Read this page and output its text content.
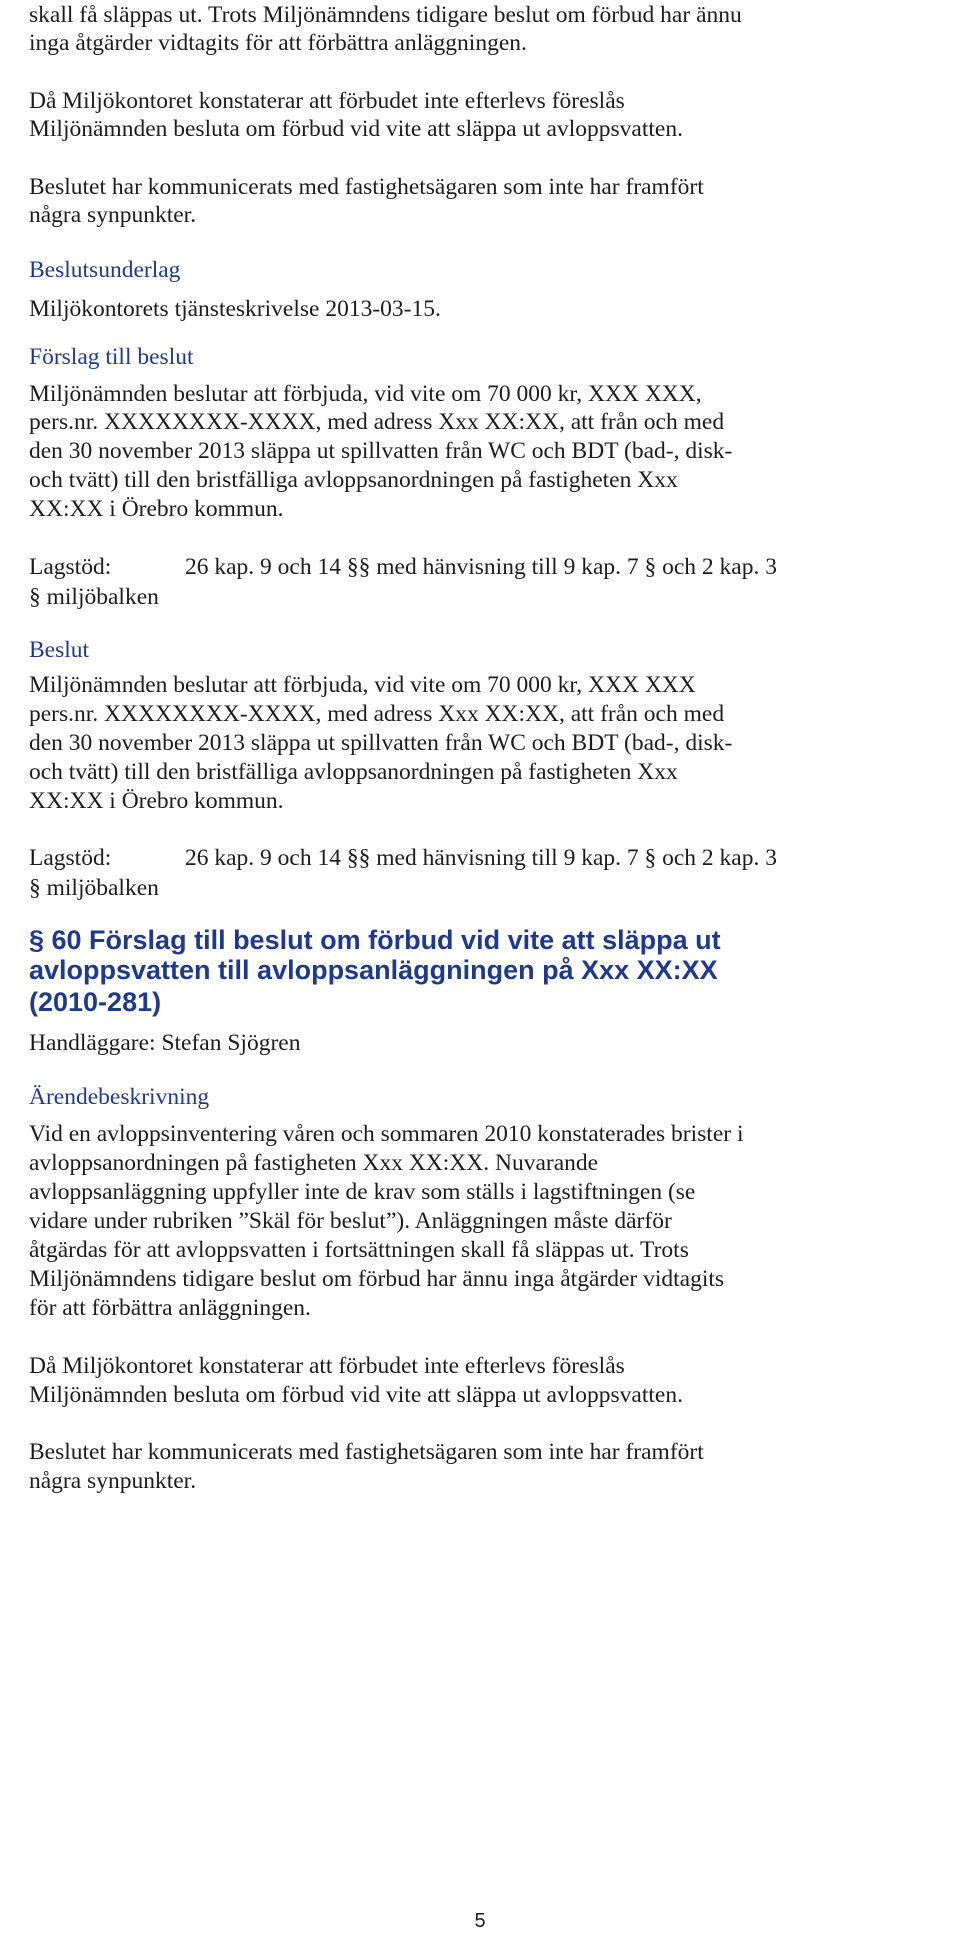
skall få släppas ut. Trots Miljönämndens tidigare beslut om förbud har ännu
inga åtgärder vidtagits för att förbättra anläggningen.
Då Miljökontoret konstaterar att förbudet inte efterlevs föreslås
Miljönämnden besluta om förbud vid vite att släppa ut avloppsvatten.
Beslutet har kommunicerats med fastighetsägaren som inte har framfört
några synpunkter.
Beslutsunderlag
Miljökontorets tjänsteskrivelse 2013-03-15.
Förslag till beslut
Miljönämnden beslutar att förbjuda, vid vite om 70 000 kr, XXX XXX,
pers.nr. XXXXXXXX-XXXX, med adress Xxx XX:XX, att från och med
den 30 november 2013 släppa ut spillvatten från WC och BDT (bad-, disk-
och tvätt) till den bristfälliga avloppsanordningen på fastigheten Xxx
XX:XX i Örebro kommun.
Lagstöd:	26 kap. 9 och 14 §§ med hänvisning till 9 kap. 7 § och 2 kap. 3
§ miljöbalken
Beslut
Miljönämnden beslutar att förbjuda, vid vite om 70 000 kr, XXX XXX
pers.nr. XXXXXXXX-XXXX, med adress Xxx XX:XX, att från och med
den 30 november 2013 släppa ut spillvatten från WC och BDT (bad-, disk-
och tvätt) till den bristfälliga avloppsanordningen på fastigheten Xxx
XX:XX i Örebro kommun.
Lagstöd:	26 kap. 9 och 14 §§ med hänvisning till 9 kap. 7 § och 2 kap. 3
§ miljöbalken
§ 60 Förslag till beslut om förbud vid vite att släppa ut
avloppsvatten till avloppsanläggningen på Xxx XX:XX
(2010-281)
Handläggare: Stefan Sjögren
Ärendebeskrivning
Vid en avloppsinventering våren och sommaren 2010 konstaterades brister i
avloppsanordningen på fastigheten Xxx XX:XX. Nuvarande
avloppsanläggning uppfyller inte de krav som ställs i lagstiftningen (se
vidare under rubriken ”Skäl för beslut”). Anläggningen måste därför
åtgärdas för att avloppsvatten i fortsättningen skall få släppas ut. Trots
Miljönämndens tidigare beslut om förbud har ännu inga åtgärder vidtagits
för att förbättra anläggningen.
Då Miljökontoret konstaterar att förbudet inte efterlevs föreslås
Miljönämnden besluta om förbud vid vite att släppa ut avloppsvatten.
Beslutet har kommunicerats med fastighetsägaren som inte har framfört
några synpunkter.
5
